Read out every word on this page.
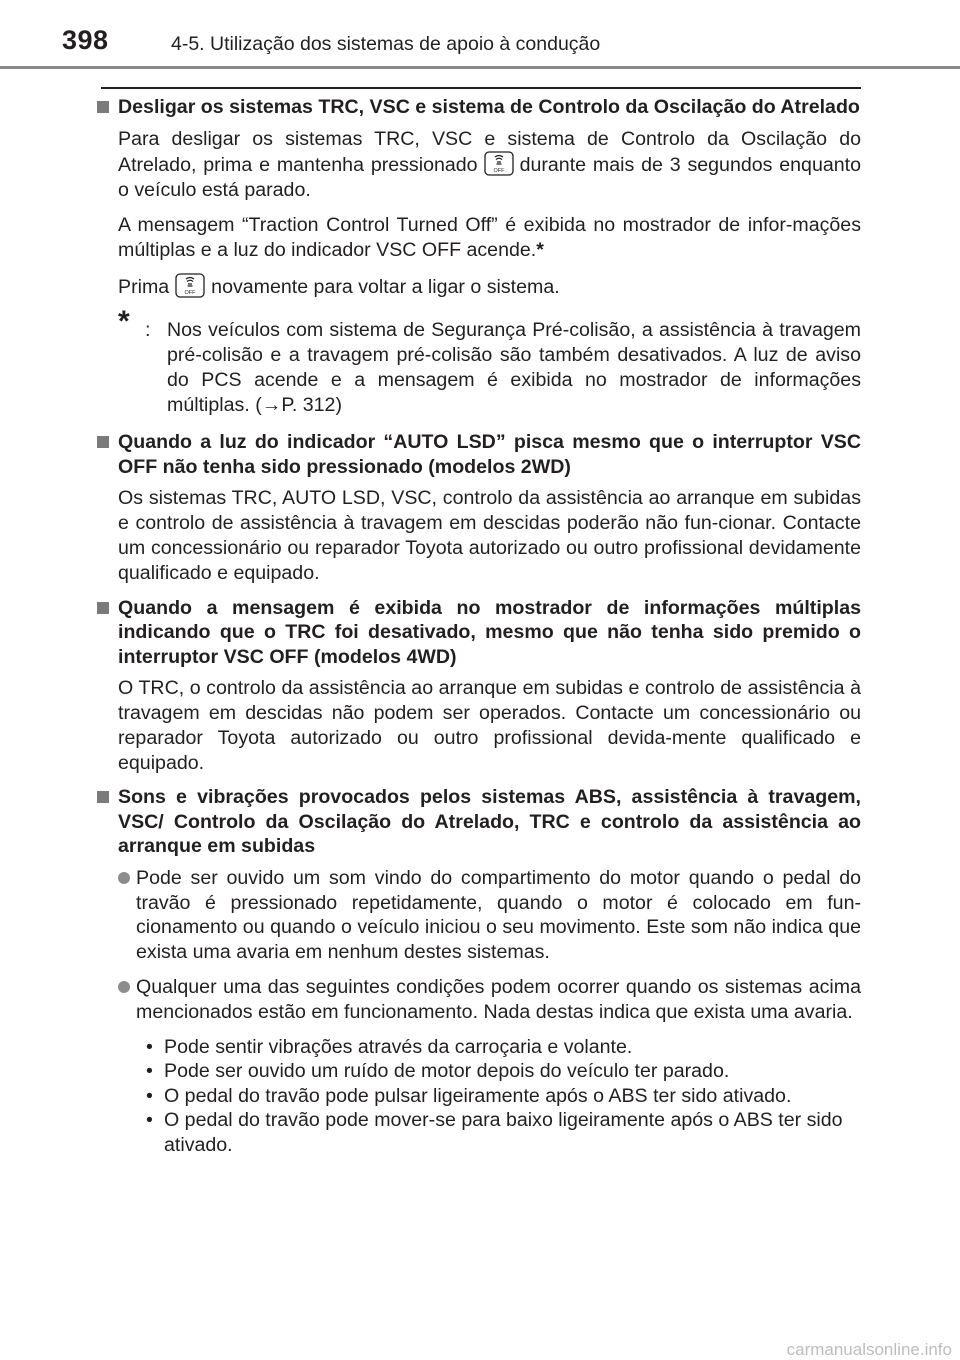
398	4-5. Utilização dos sistemas de apoio à condução
Desligar os sistemas TRC, VSC e sistema de Controlo da Oscilação do Atrelado

Para desligar os sistemas TRC, VSC e sistema de Controlo da Oscilação do Atrelado, prima e mantenha pressionado	OFF durante mais de 3 segundos enquanto o veículo está parado.

A mensagem “Traction Control Turned Off” é exibida no mostrador de infor-mações múltiplas e a luz do indicador VSC OFF acende.*

Prima	OFF novamente para voltar a ligar o sistema.

* : Nos veículos com sistema de Segurança Pré-colisão, a assistência à travagem pré-colisão e a travagem pré-colisão são também desativados. A luz de aviso do PCS acende e a mensagem é exibida no mostrador de informações múltiplas. (→P. 312)
Quando a luz do indicador “AUTO LSD” pisca mesmo que o interruptor VSC OFF não tenha sido pressionado (modelos 2WD)

Os sistemas TRC, AUTO LSD, VSC, controlo da assistência ao arranque em subidas e controlo de assistência à travagem em descidas poderão não fun-cionar. Contacte um concessionário ou reparador Toyota autorizado ou outro profissional devidamente qualificado e equipado.

Quando a mensagem é exibida no mostrador de informações múltiplas indicando que o TRC foi desativado, mesmo que não tenha sido premido o interruptor VSC OFF (modelos 4WD)

O TRC, o controlo da assistência ao arranque em subidas e controlo de assistência à travagem em descidas não podem ser operados. Contacte um concessionário ou reparador Toyota autorizado ou outro profissional devida-mente qualificado e equipado.

Sons e vibrações provocados pelos sistemas ABS, assistência à travagem, VSC/ Controlo da Oscilação do Atrelado, TRC e controlo da assistência ao arranque em subidas
Pode ser ouvido um som vindo do compartimento do motor quando o pedal do travão é pressionado repetidamente, quando o motor é colocado em fun-cionamento ou quando o veículo iniciou o seu movimento. Este som não indica que exista uma avaria em nenhum destes sistemas.
Qualquer uma das seguintes condições podem ocorrer quando os sistemas acima mencionados estão em funcionamento. Nada destas indica que exista uma avaria.
• Pode sentir vibrações através da carroçaria e volante.
• Pode ser ouvido um ruído de motor depois do veículo ter parado.
• O pedal do travão pode pulsar ligeiramente após o ABS ter sido ativado.
• O pedal do travão pode mover-se para baixo ligeiramente após o ABS ter sido ativado.
carmanualsonline.info
